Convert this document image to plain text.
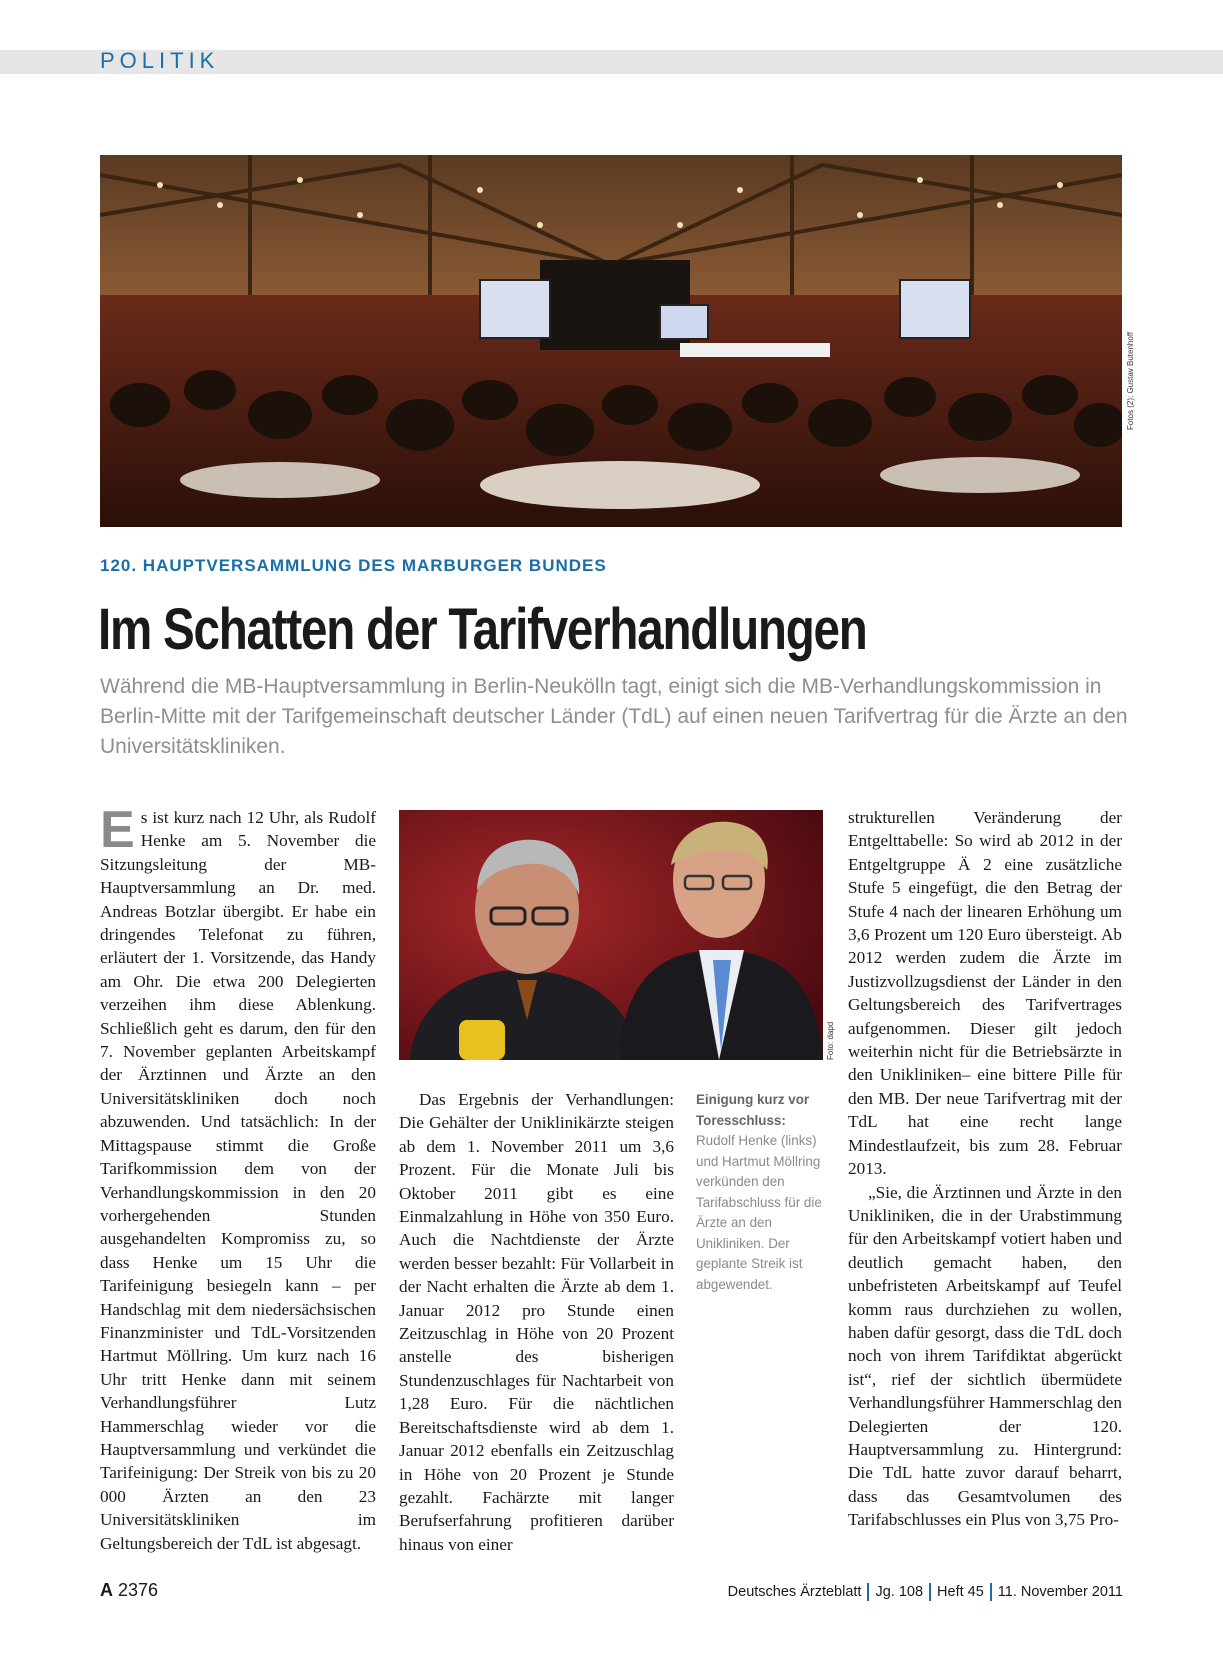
POLITIK
Fotos (2): Gustav Butenhoff
120. HAUPTVERSAMMLUNG DES MARBURGER BUNDES
Im Schatten der Tarifverhandlungen
Während die MB-Hauptversammlung in Berlin-Neukölln tagt, einigt sich die MB-Verhandlungskommission in Berlin-Mitte mit der Tarifgemeinschaft deutscher Länder (TdL) auf einen neuen Tarifvertrag für die Ärzte an den Universitätskliniken.
E s ist kurz nach 12 Uhr, als Rudolf Henke am 5. November die Sitzungsleitung der MB-Hauptversammlung an Dr. med. Andreas Botzlar übergibt. Er habe ein dringendes Telefonat zu führen, erläutert der 1. Vorsitzende, das Handy am Ohr. Die etwa 200 Delegierten verzeihen ihm diese Ablenkung. Schließlich geht es darum, den für den 7. November geplanten Arbeitskampf der Ärztinnen und Ärzte an den Universitätskliniken doch noch abzuwenden. Und tatsächlich: In der Mittagspause stimmt die Große Tarifkommission dem von der Verhandlungskommission in den 20 vorhergehenden Stunden ausgehandelten Kompromiss zu, so dass Henke um 15 Uhr die Tarifeinigung besiegeln kann – per Handschlag mit dem niedersächsischen Finanzminister und TdL-Vorsitzenden Hartmut Möllring. Um kurz nach 16 Uhr tritt Henke dann mit seinem Verhandlungsführer Lutz Hammerschlag wieder vor die Hauptversammlung und verkündet die Tarifeinigung: Der Streik von bis zu 20 000 Ärzten an den 23 Universitätskliniken im Geltungsbereich der TdL ist abgesagt.
Foto: dapd
Das Ergebnis der Verhandlungen: Die Gehälter der Uniklinikärzte steigen ab dem 1. November 2011 um 3,6 Prozent. Für die Monate Juli bis Oktober 2011 gibt es eine Einmalzahlung in Höhe von 350 Euro. Auch die Nachtdienste der Ärzte werden besser bezahlt: Für Vollarbeit in der Nacht erhalten die Ärzte ab dem 1. Januar 2012 pro Stunde einen Zeitzuschlag in Höhe von 20 Prozent anstelle des bisherigen Stundenzuschlages für Nachtarbeit von 1,28 Euro. Für die nächtlichen Bereitschaftsdienste wird ab dem 1. Januar 2012 ebenfalls ein Zeitzuschlag in Höhe von 20 Prozent je Stunde gezahlt. Fachärzte mit langer Berufserfahrung profitieren darüber hinaus von einer
Einigung kurz vor Toresschluss:
Rudolf Henke (links) und Hartmut Möllring verkünden den Tarifabschluss für die Ärzte an den Unikliniken. Der geplante Streik ist abgewendet.
strukturellen Veränderung der Entgelttabelle: So wird ab 2012 in der Entgeltgruppe Ä 2 eine zusätzliche Stufe 5 eingefügt, die den Betrag der Stufe 4 nach der linearen Erhöhung um 3,6 Prozent um 120 Euro übersteigt. Ab 2012 werden zudem die Ärzte im Justizvollzugsdienst der Länder in den Geltungsbereich des Tarifvertrages aufgenommen. Dieser gilt jedoch weiterhin nicht für die Betriebsärzte in den Unikliniken– eine bittere Pille für den MB. Der neue Tarifvertrag mit der TdL hat eine recht lange Mindestlaufzeit, bis zum 28. Februar 2013.
„Sie, die Ärztinnen und Ärzte in den Unikliniken, die in der Urabstimmung für den Arbeitskampf votiert haben und deutlich gemacht haben, den unbefristeten Arbeitskampf auf Teufel komm raus durchziehen zu wollen, haben dafür gesorgt, dass die TdL doch noch von ihrem Tarifdiktat abgerückt ist“, rief der sichtlich übermüdete Verhandlungsführer Hammerschlag den Delegierten der 120. Hauptversammlung zu. Hintergrund: Die TdL hatte zuvor darauf beharrt, dass das Gesamtvolumen des Tarifabschlusses ein Plus von 3,75 Pro-
A 2376	Deutsches Ärzteblatt Jg. 108 Heft 45 11. November 2011
